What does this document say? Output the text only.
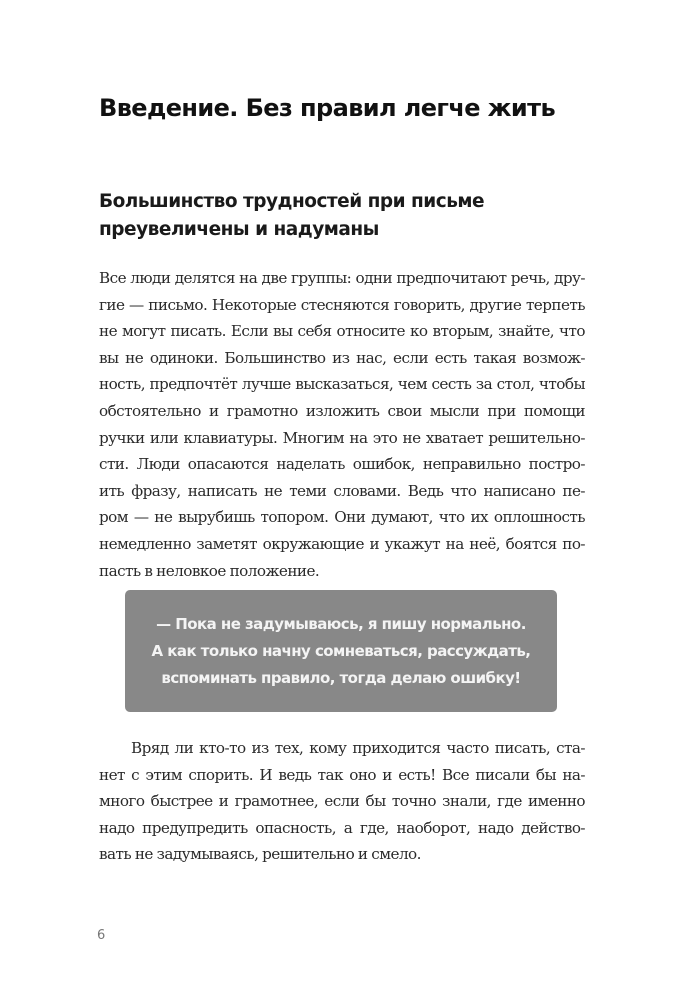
Введение. Без правил легче жить
Большинство трудностей при письме
преувеличены и надуманы
Все люди делятся на две группы: одни предпочитают речь, дру-
гие — письмо. Некоторые стесняются говорить, другие терпеть
не могут писать. Если вы себя относите ко вторым, знайте, что
вы не одиноки. Большинство из нас, если есть такая возмож-
ность, предпочтёт лучше высказаться, чем сесть за стол, чтобы
обстоятельно и грамотно изложить свои мысли при помощи
ручки или клавиатуры. Многим на это не хватает решительно-
сти. Люди опасаются наделать ошибок, неправильно постро-
ить фразу, написать не теми словами. Ведь что написано пе-
ром — не вырубишь топором. Они думают, что их оплошность
немедленно заметят окружающие и укажут на неё, боятся по-
пасть в неловкое положение.
— Пока не задумываюсь, я пишу нормально.
А как только начну сомневаться, рассуждать,
вспоминать правило, тогда делаю ошибку!
Вряд ли кто-то из тех, кому приходится часто писать, ста-
нет с этим спорить. И ведь так оно и есть! Все писали бы на-
много быстрее и грамотнее, если бы точно знали, где именно
надо предупредить опасность, а где, наоборот, надо действо-
вать не задумываясь, решительно и смело.
6
